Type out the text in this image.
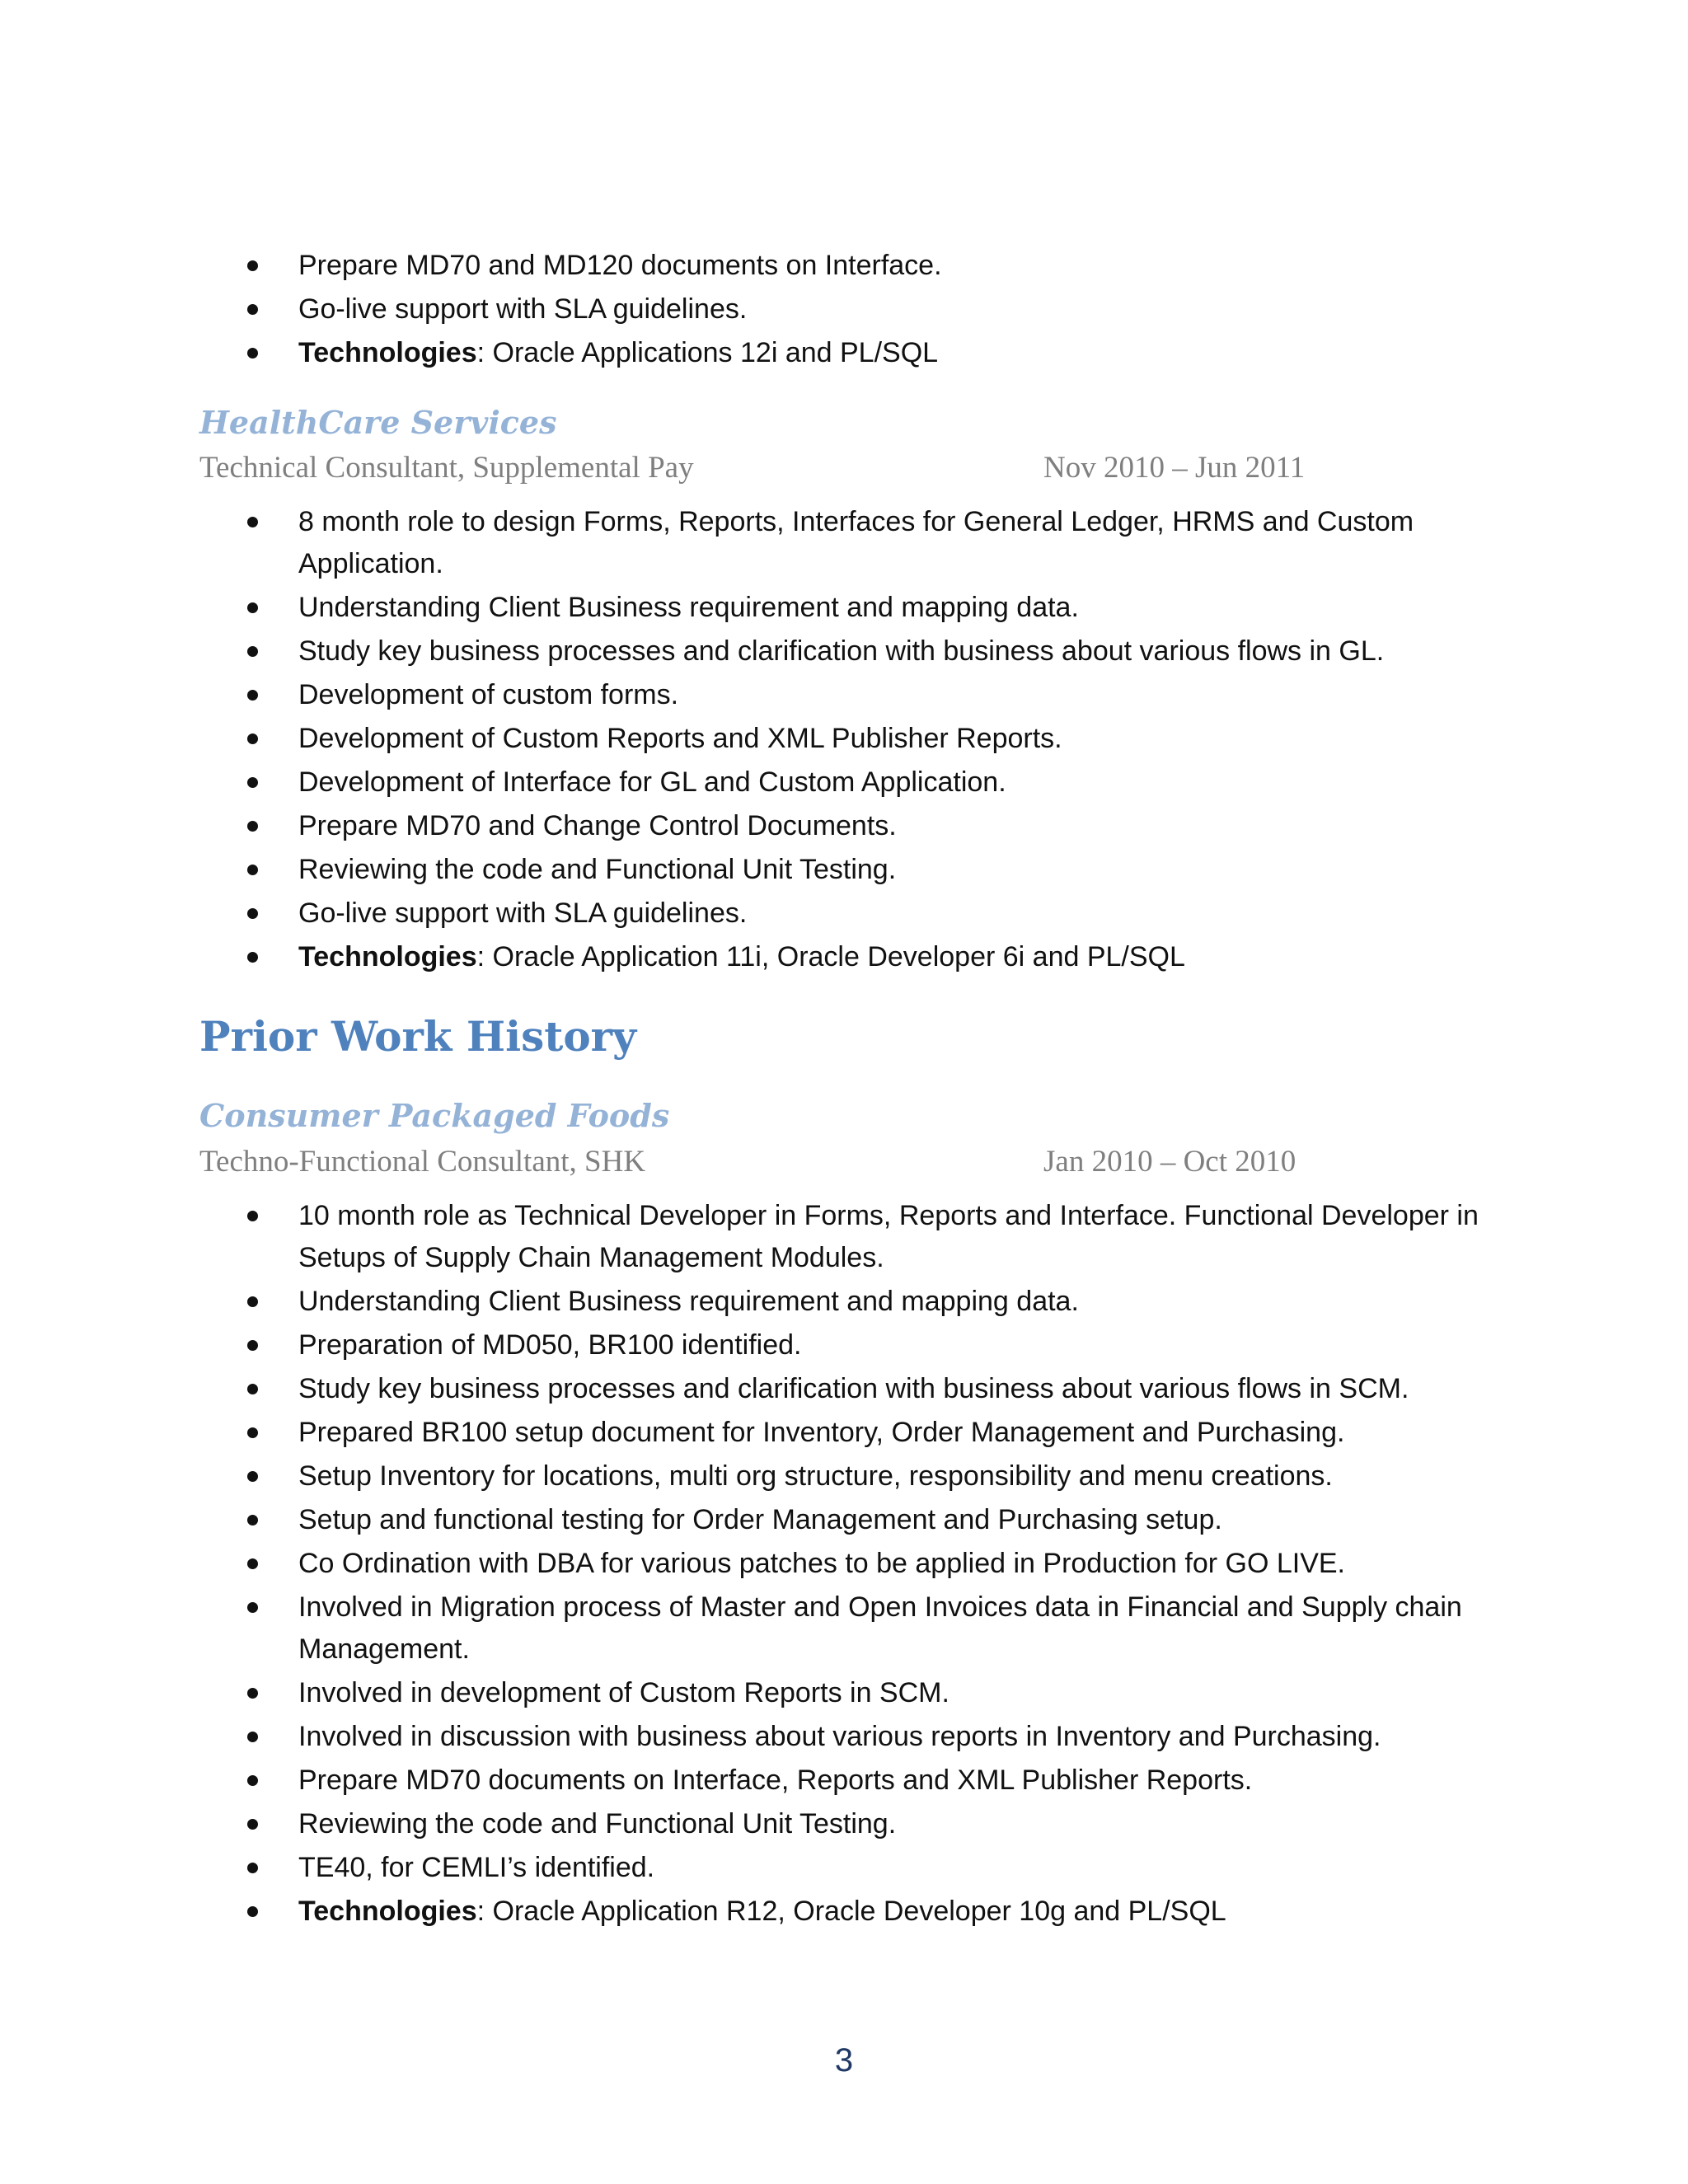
Prepare MD70 and MD120 documents on Interface.
Go-live support with SLA guidelines.
Technologies: Oracle Applications 12i and PL/SQL
HealthCare Services
Technical Consultant, Supplemental Pay	Nov 2010 – Jun 2011
8 month role to design Forms, Reports, Interfaces for General Ledger, HRMS and Custom Application.
Understanding Client Business requirement and mapping data.
Study key business processes and clarification with business about various flows in GL.
Development of custom forms.
Development of Custom Reports and XML Publisher Reports.
Development of Interface for GL and Custom Application.
Prepare MD70 and Change Control Documents.
Reviewing the code and Functional Unit Testing.
Go-live support with SLA guidelines.
Technologies: Oracle Application 11i, Oracle Developer 6i and PL/SQL
Prior Work History
Consumer Packaged Foods
Techno-Functional Consultant, SHK	Jan 2010 – Oct 2010
10 month role as Technical Developer in Forms, Reports and Interface. Functional Developer in Setups of Supply Chain Management Modules.
Understanding Client Business requirement and mapping data.
Preparation of MD050, BR100 identified.
Study key business processes and clarification with business about various flows in SCM.
Prepared BR100 setup document for Inventory, Order Management and Purchasing.
Setup Inventory for locations, multi org structure, responsibility and menu creations.
Setup and functional testing for Order Management and Purchasing setup.
Co Ordination with DBA for various patches to be applied in Production for GO LIVE.
Involved in Migration process of Master and Open Invoices data in Financial and Supply chain Management.
Involved in development of Custom Reports in SCM.
Involved in discussion with business about various reports in Inventory and Purchasing.
Prepare MD70 documents on Interface, Reports and XML Publisher Reports.
Reviewing the code and Functional Unit Testing.
TE40, for CEMLI’s identified.
Technologies: Oracle Application R12, Oracle Developer 10g and PL/SQL
3
